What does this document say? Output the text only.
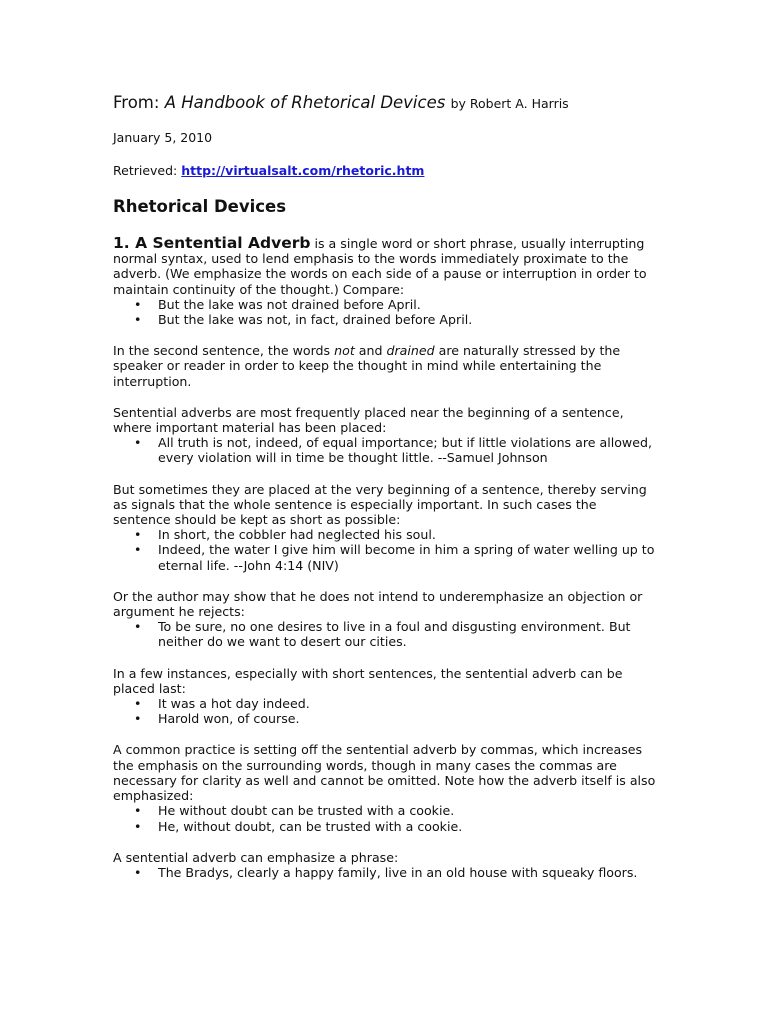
From: A Handbook of Rhetorical Devices by Robert A. Harris
January 5, 2010
Retrieved: http://virtualsalt.com/rhetoric.htm
Rhetorical Devices

1. A Sentential Adverb is a single word or short phrase, usually interrupting normal syntax, used to lend emphasis to the words immediately proximate to the adverb. (We emphasize the words on each side of a pause or interruption in order to maintain continuity of the thought.) Compare:

• But the lake was not drained before April.
• But the lake was not, in fact, drained before April.

In the second sentence, the words not and drained are naturally stressed by the speaker or reader in order to keep the thought in mind while entertaining the interruption.

Sentential adverbs are most frequently placed near the beginning of a sentence, where important material has been placed:

• All truth is not, indeed, of equal importance; but if little violations are allowed, every violation will in time be thought little. --Samuel Johnson

But sometimes they are placed at the very beginning of a sentence, thereby serving as signals that the whole sentence is especially important. In such cases the sentence should be kept as short as possible:

• In short, the cobbler had neglected his soul.
• Indeed, the water I give him will become in him a spring of water welling up to eternal life. --John 4:14 (NIV)

Or the author may show that he does not intend to underemphasize an objection or argument he rejects:

• To be sure, no one desires to live in a foul and disgusting environment. But neither do we want to desert our cities.

In a few instances, especially with short sentences, the sentential adverb can be placed last:

• It was a hot day indeed.
• Harold won, of course.

A common practice is setting off the sentential adverb by commas, which increases the emphasis on the surrounding words, though in many cases the commas are necessary for clarity as well and cannot be omitted. Note how the adverb itself is also emphasized:

• He without doubt can be trusted with a cookie.
• He, without doubt, can be trusted with a cookie.

A sentential adverb can emphasize a phrase:

• The Bradys, clearly a happy family, live in an old house with squeaky floors.
